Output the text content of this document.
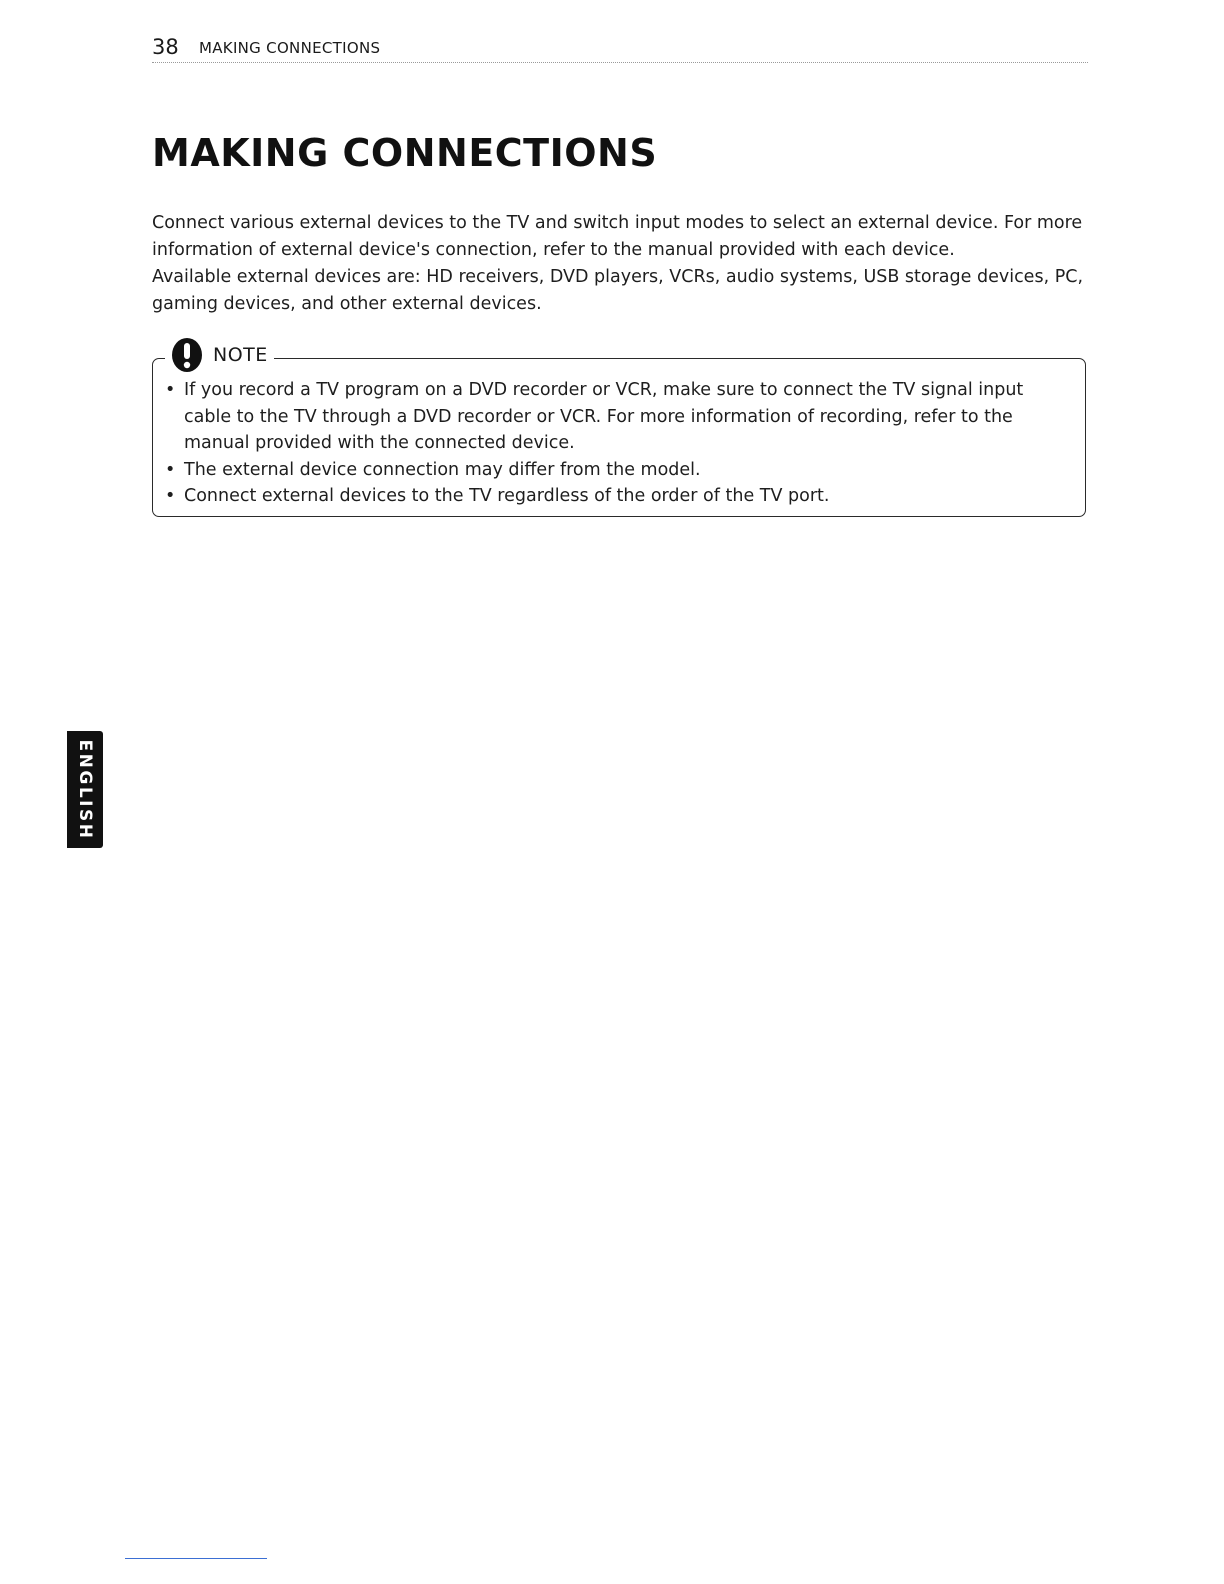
38 MAKING CONNECTIONS
MAKING CONNECTIONS

Connect various external devices to the TV and switch input modes to select an external device. For more information of external device's connection, refer to the manual provided with each device.

Available external devices are: HD receivers, DVD players, VCRs, audio systems, USB storage devices, PC, gaming devices, and other external devices.

NOTE
• If you record a TV program on a DVD recorder or VCR, make sure to connect the TV signal input cable to the TV through a DVD recorder or VCR. For more information of recording, refer to the manual provided with the connected device.
• The external device connection may differ from the model.
• Connect external devices to the TV regardless of the order of the TV port.
ENGLISH
